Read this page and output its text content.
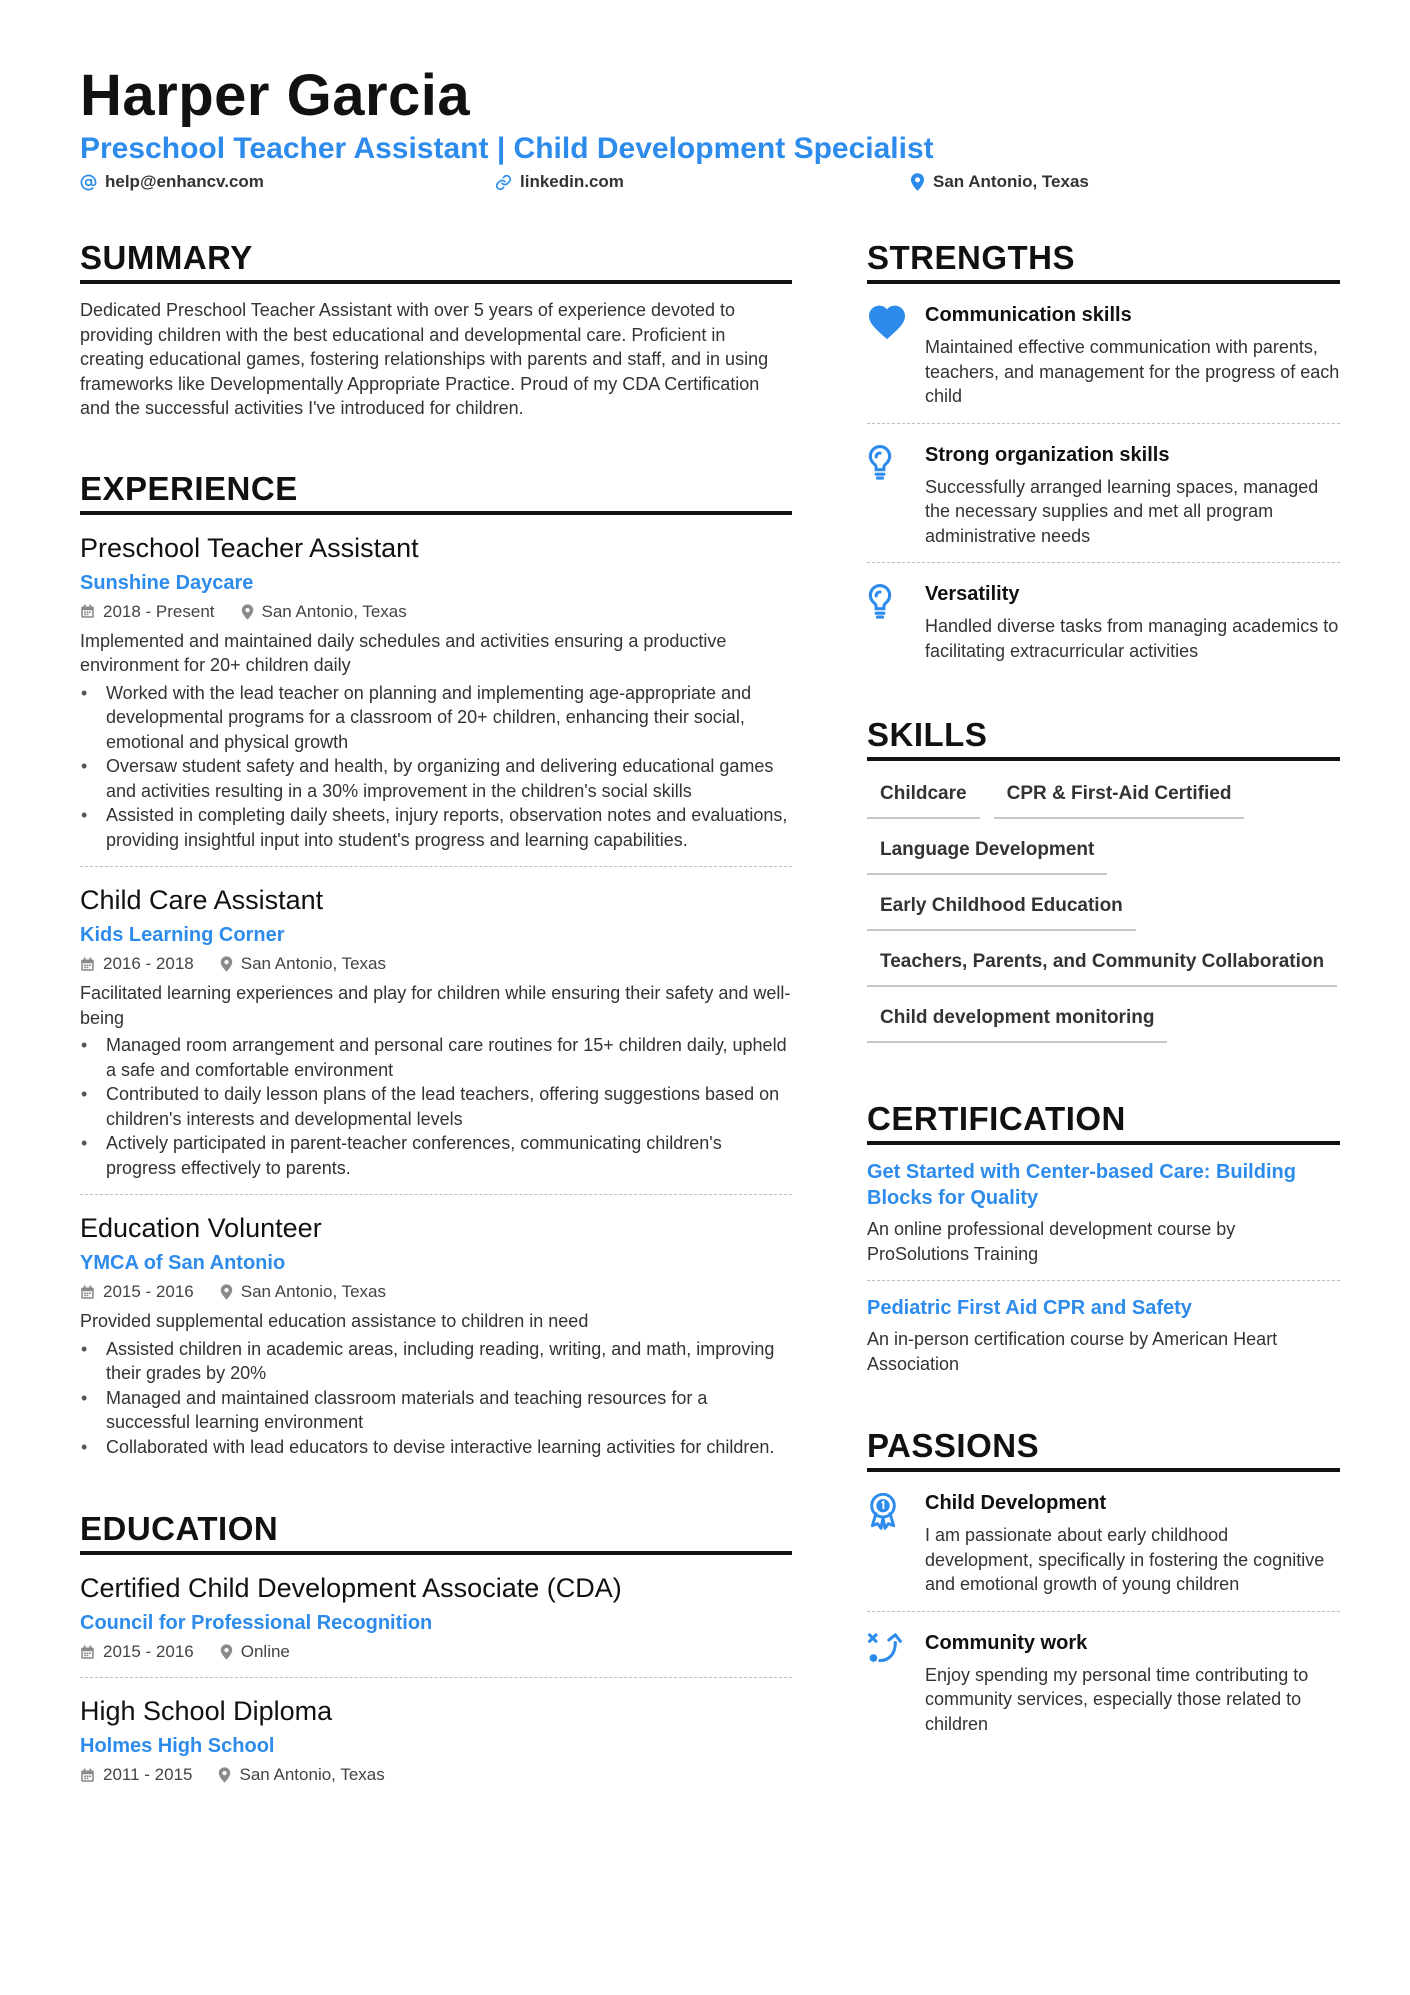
Harper Garcia
Preschool Teacher Assistant | Child Development Specialist
help@enhancv.com	linkedin.com	San Antonio, Texas
SUMMARY
Dedicated Preschool Teacher Assistant with over 5 years of experience devoted to providing children with the best educational and developmental care. Proficient in creating educational games, fostering relationships with parents and staff, and in using frameworks like Developmentally Appropriate Practice. Proud of my CDA Certification and the successful activities I've introduced for children.
EXPERIENCE
Preschool Teacher Assistant
Sunshine Daycare
2018 - Present	San Antonio, Texas
Implemented and maintained daily schedules and activities ensuring a productive environment for 20+ children daily
• Worked with the lead teacher on planning and implementing age-appropriate and developmental programs for a classroom of 20+ children, enhancing their social, emotional and physical growth
• Oversaw student safety and health, by organizing and delivering educational games and activities resulting in a 30% improvement in the children's social skills
• Assisted in completing daily sheets, injury reports, observation notes and evaluations, providing insightful input into student's progress and learning capabilities.
Child Care Assistant
Kids Learning Corner
2016 - 2018	San Antonio, Texas
Facilitated learning experiences and play for children while ensuring their safety and well-being
• Managed room arrangement and personal care routines for 15+ children daily, upheld a safe and comfortable environment
• Contributed to daily lesson plans of the lead teachers, offering suggestions based on children's interests and developmental levels
• Actively participated in parent-teacher conferences, communicating children's progress effectively to parents.
Education Volunteer
YMCA of San Antonio
2015 - 2016	San Antonio, Texas
Provided supplemental education assistance to children in need
• Assisted children in academic areas, including reading, writing, and math, improving their grades by 20%
• Managed and maintained classroom materials and teaching resources for a successful learning environment
• Collaborated with lead educators to devise interactive learning activities for children.
EDUCATION
Certified Child Development Associate (CDA)
Council for Professional Recognition
2015 - 2016	Online
High School Diploma
Holmes High School
2011 - 2015	San Antonio, Texas
STRENGTHS
Communication skills
Maintained effective communication with parents, teachers, and management for the progress of each child
Strong organization skills
Successfully arranged learning spaces, managed the necessary supplies and met all program administrative needs
Versatility
Handled diverse tasks from managing academics to facilitating extracurricular activities
SKILLS
Childcare	CPR & First-Aid Certified
Language Development
Early Childhood Education
Teachers, Parents, and Community Collaboration
Child development monitoring
CERTIFICATION
Get Started with Center-based Care: Building Blocks for Quality
An online professional development course by ProSolutions Training
Pediatric First Aid CPR and Safety
An in-person certification course by American Heart Association
PASSIONS
Child Development
I am passionate about early childhood development, specifically in fostering the cognitive and emotional growth of young children
Community work
Enjoy spending my personal time contributing to community services, especially those related to children
